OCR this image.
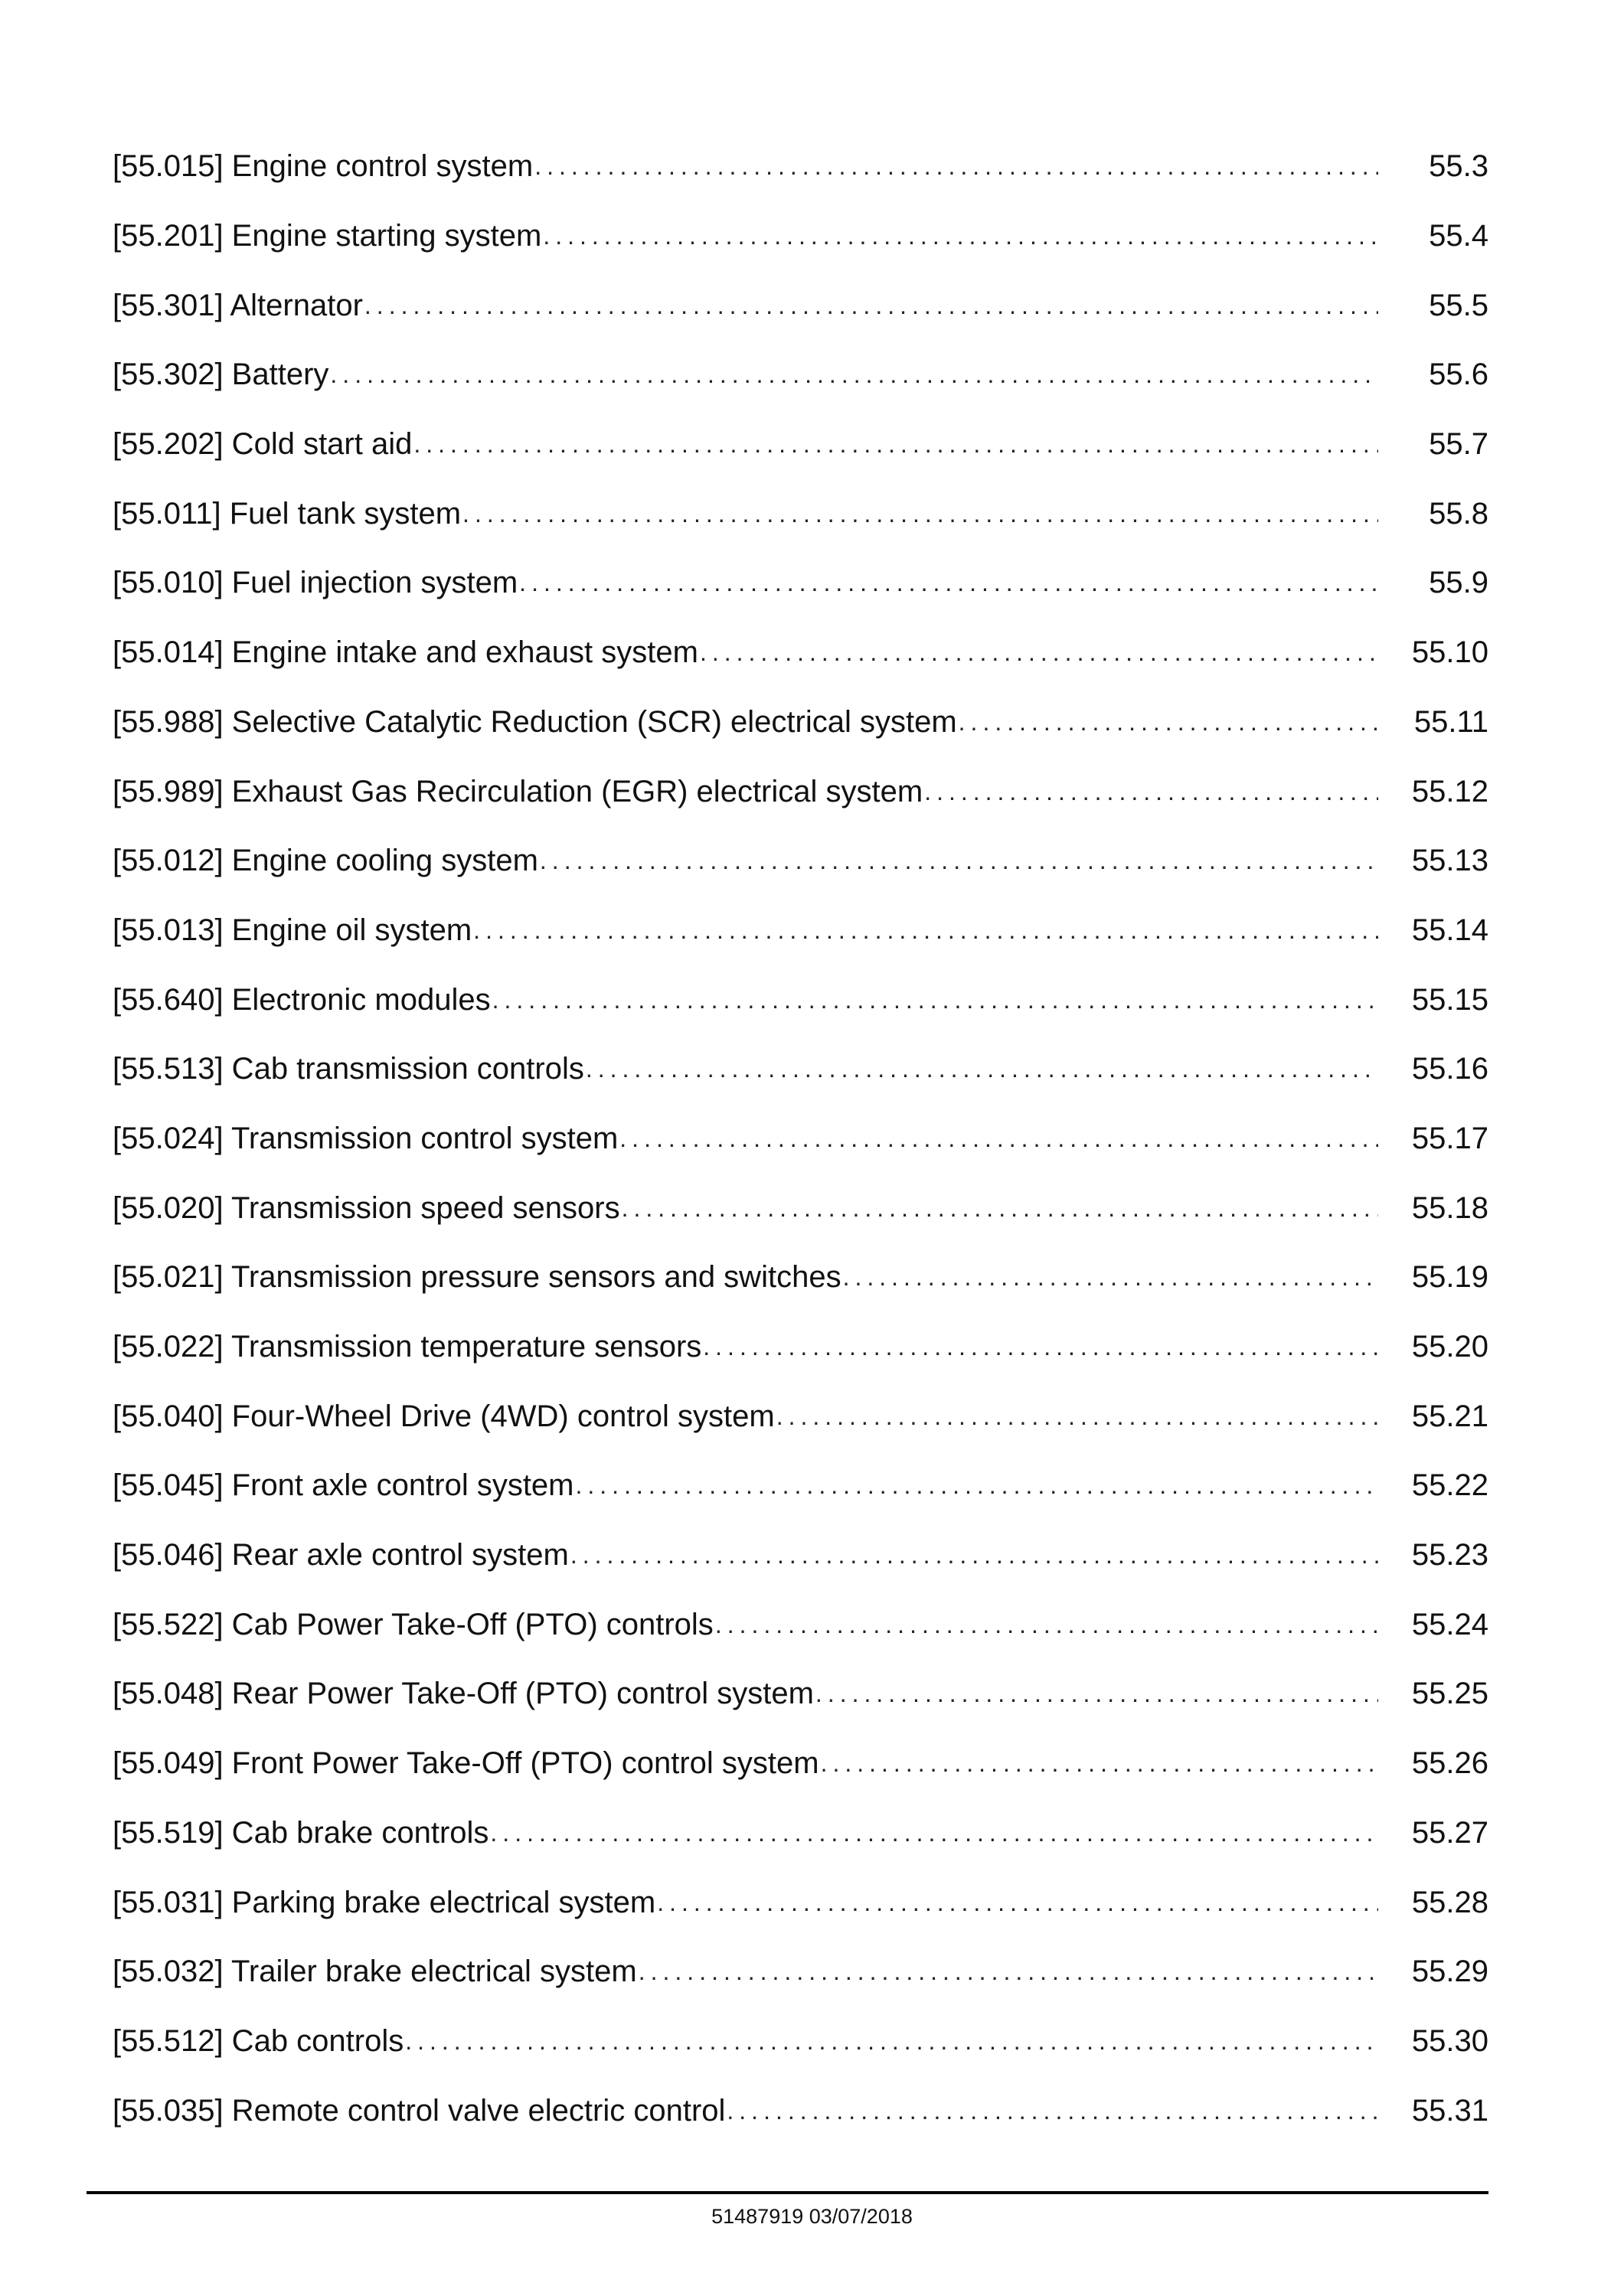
[55.015] Engine control system .....	55.3
[55.201] Engine starting system .....	55.4
[55.301] Alternator .....	55.5
[55.302] Battery .....	55.6
[55.202] Cold start aid .....	55.7
[55.011] Fuel tank system .....	55.8
[55.010] Fuel injection system .....	55.9
[55.014] Engine intake and exhaust system .....	55.10
[55.988] Selective Catalytic Reduction (SCR) electrical system .....	55.11
[55.989] Exhaust Gas Recirculation (EGR) electrical system .....	55.12
[55.012] Engine cooling system .....	55.13
[55.013] Engine oil system .....	55.14
[55.640] Electronic modules .....	55.15
[55.513] Cab transmission controls .....	55.16
[55.024] Transmission control system .....	55.17
[55.020] Transmission speed sensors .....	55.18
[55.021] Transmission pressure sensors and switches .....	55.19
[55.022] Transmission temperature sensors .....	55.20
[55.040] Four-Wheel Drive (4WD) control system .....	55.21
[55.045] Front axle control system .....	55.22
[55.046] Rear axle control system .....	55.23
[55.522] Cab Power Take-Off (PTO) controls .....	55.24
[55.048] Rear Power Take-Off (PTO) control system .....	55.25
[55.049] Front Power Take-Off (PTO) control system .....	55.26
[55.519] Cab brake controls .....	55.27
[55.031] Parking brake electrical system .....	55.28
[55.032] Trailer brake electrical system .....	55.29
[55.512] Cab controls .....	55.30
[55.035] Remote control valve electric control .....	55.31
51487919 03/07/2018
